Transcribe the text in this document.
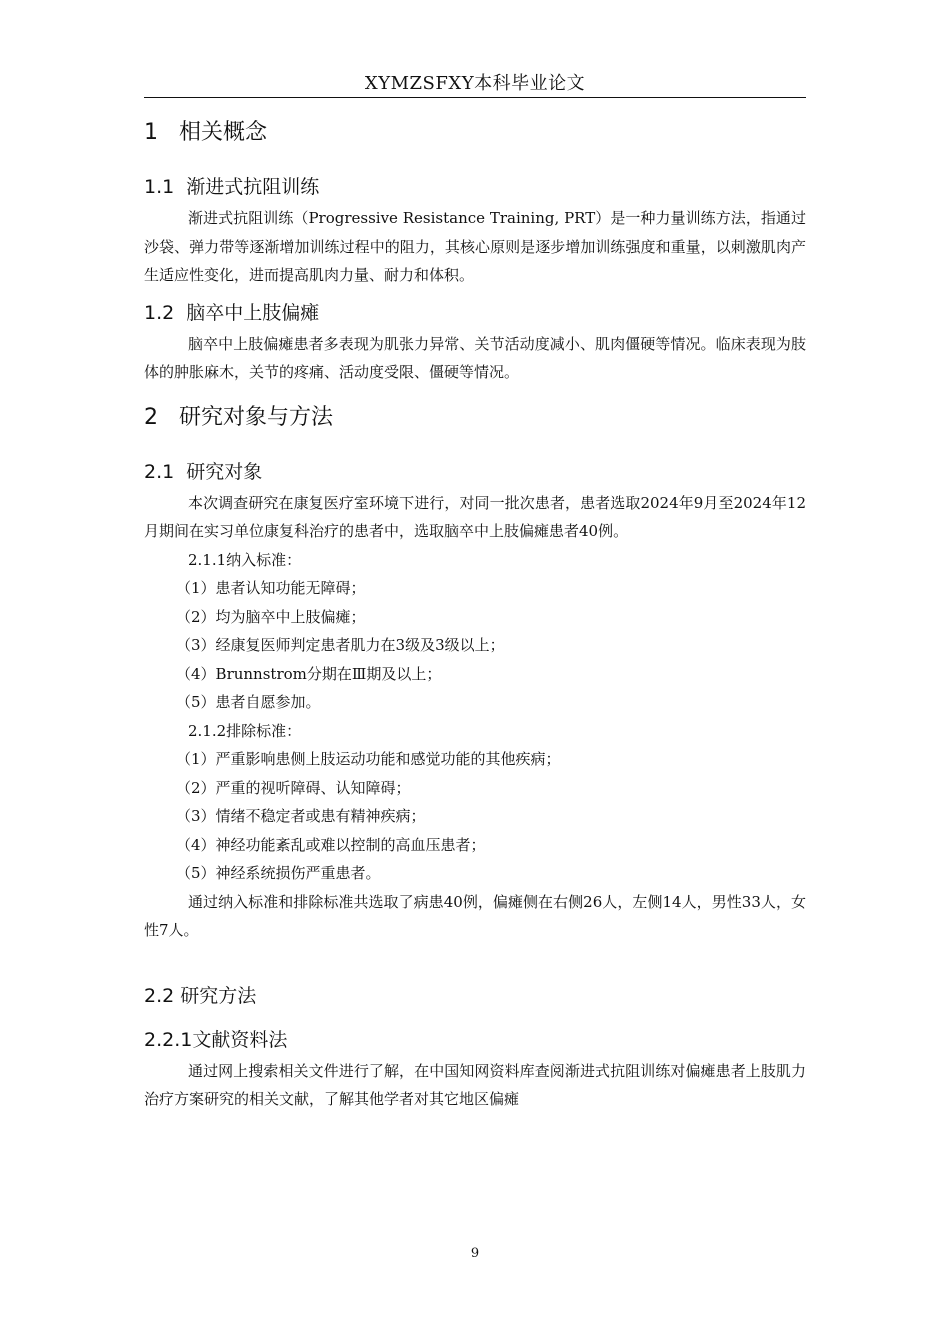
XYMZSFXY本科毕业论文
1   相关概念
1.1  渐进式抗阻训练

渐进式抗阻训练（Progressive Resistance Training, PRT）是一种力量训练方法，指通过沙袋、弹力带等逐渐增加训练过程中的阻力，其核心原则是逐步增加训练强度和重量，以刺激肌肉产生适应性变化，进而提高肌肉力量、耐力和体积。

1.2  脑卒中上肢偏瘫

脑卒中上肢偏瘫患者多表现为肌张力异常、关节活动度减小、肌肉僵硬等情况。临床表现为肢体的肿胀麻木，关节的疼痛、活动度受限、僵硬等情况。

2   研究对象与方法
2.1  研究对象

本次调查研究在康复医疗室环境下进行，对同一批次患者，患者选取2024年9月至2024年12月期间在实习单位康复科治疗的患者中，选取脑卒中上肢偏瘫患者40例。

2.1.1纳入标准：

（1）患者认知功能无障碍；

（2）均为脑卒中上肢偏瘫；

（3）经康复医师判定患者肌力在3级及3级以上；

（4）Brunnstrom分期在Ⅲ期及以上；

（5）患者自愿参加。

2.1.2排除标准：

（1）严重影响患侧上肢运动功能和感觉功能的其他疾病；

（2）严重的视听障碍、认知障碍；

（3）情绪不稳定者或患有精神疾病；

（4）神经功能紊乱或难以控制的高血压患者；

（5）神经系统损伤严重患者。

通过纳入标准和排除标准共选取了病患40例，偏瘫侧在右侧26人，左侧14人，男性33人，女性7人。

2.2 研究方法
2.2.1文献资料法

通过网上搜索相关文件进行了解，在中国知网资料库查阅渐进式抗阻训练对偏瘫患者上肢肌力治疗方案研究的相关文献，了解其他学者对其它地区偏瘫

9
